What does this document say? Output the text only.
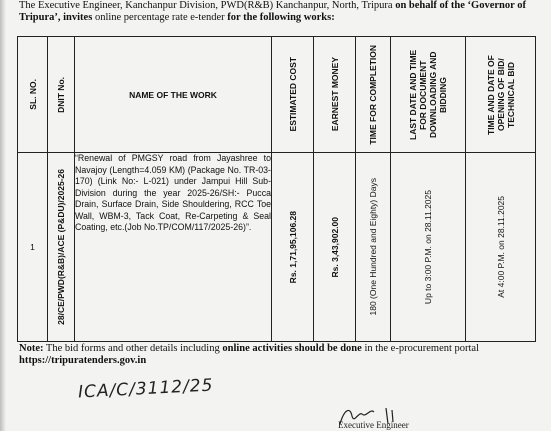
The Executive Engineer, Kanchanpur Division, PWD(R&B) Kanchanpur, North, Tripura on behalf of the ‘Governor of Tripura’, invites online percentage rate e-tender for the following works:

SL. NO.	DNIT No.	NAME OF THE WORK	ESTIMATED COST	EARNEST MONEY	TIME FOR COMPLETION	LAST DATE AND TIME FOR DOCUMENT DOWNLOADING AND BIDDING	TIME AND DATE OF OPENING OF BID/ TECHNICAL BID

1	28/CE/PWD(R&B)/ACE (P&DU)/2025-26	“Renewal of PMGSY road from Jayashree to Navajoy (Length=4.059 KM) (Package No. TR-03-170) (Link No:- L-021) under Jampui Hill Sub-Division during the year 2025-26/SH:- Pucca Drain, Surface Drain, Side Shouldering, RCC Toe Wall, WBM-3, Tack Coat, Re-Carpeting & Seal Coating, etc.(Job No.TP/COM/117/2025-26)”.	Rs. 1,71,95,106.28	Rs. 3,43,902.00	180 (One Hundred and Eighty) Days	Up to 3:00 P.M. on 28.11.2025	At 4:00 P.M. on 28.11.2025

Note: The bid forms and other details including online activities should be done in the e-procurement portal https://tripuratenders.gov.in

ICA/C/3112/25
Executive Engineer
